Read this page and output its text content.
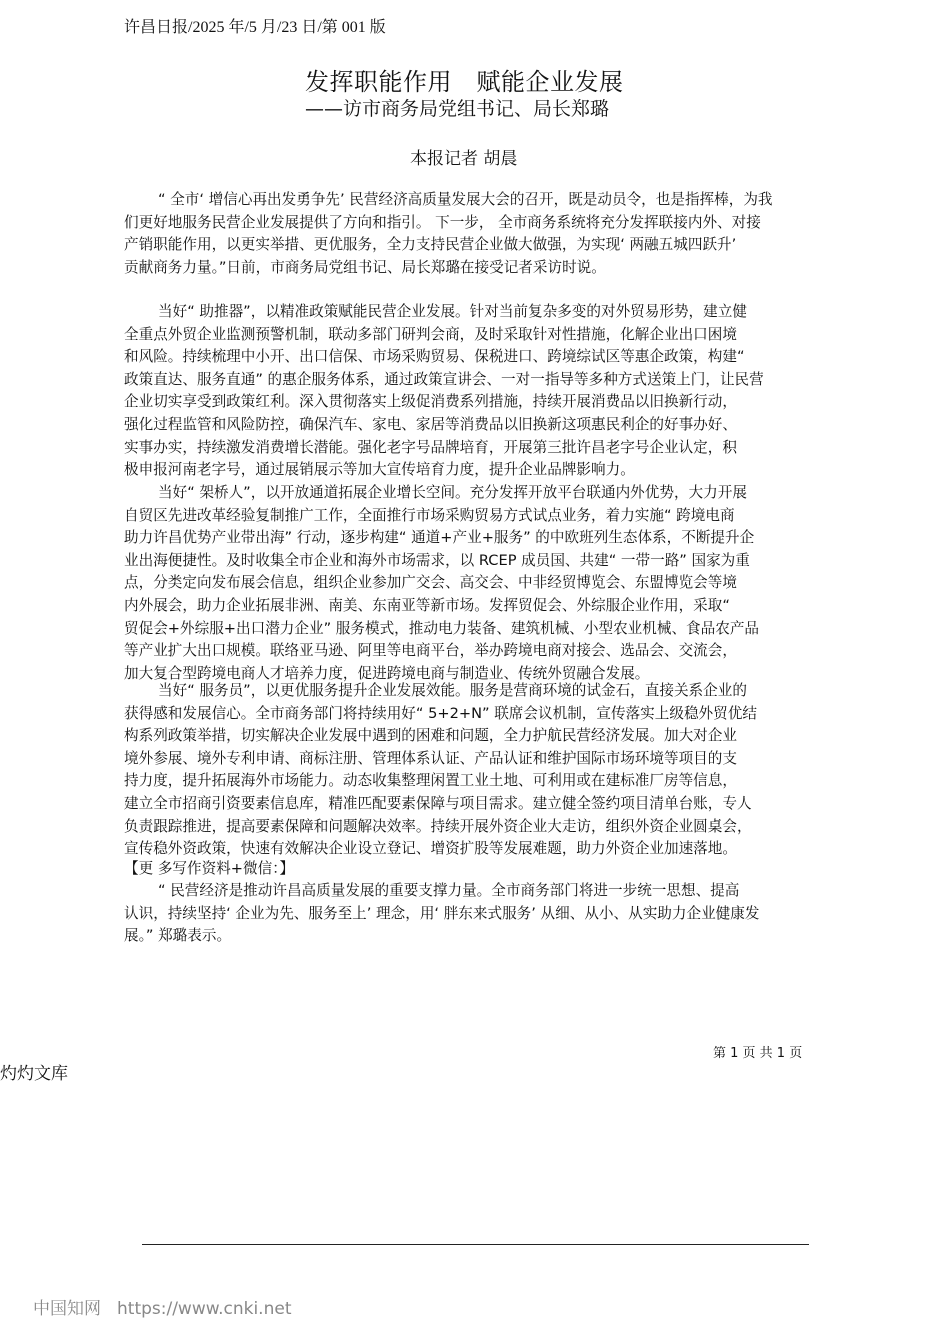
许昌日报/2025 年/5 月/23 日/第 001 版
发挥职能作用　赋能企业发展
——访市商务局党组书记、局长郑璐
本报记者 胡晨
“ 全市‘ 增信心再出发勇争先’ 民营经济高质量发展大会的召开，既是动员令，也是指挥棒，为我
们更好地服务民营企业发展提供了方向和指引。 下一步， 全市商务系统将充分发挥联接内外、对接
产销职能作用，以更实举措、更优服务，全力支持民营企业做大做强，为实现‘ 两融五城四跃升’
贡献商务力量。”日前，市商务局党组书记、局长郑璐在接受记者采访时说。
当好“ 助推器”，以精准政策赋能民营企业发展。针对当前复杂多变的对外贸易形势，建立健
全重点外贸企业监测预警机制，联动多部门研判会商，及时采取针对性措施，化解企业出口困境
和风险。持续梳理中小开、出口信保、市场采购贸易、保税进口、跨境综试区等惠企政策，构建“
政策直达、服务直通” 的惠企服务体系，通过政策宣讲会、一对一指导等多种方式送策上门，让民营
企业切实享受到政策红利。深入贯彻落实上级促消费系列措施，持续开展消费品以旧换新行动，
强化过程监管和风险防控，确保汽车、家电、家居等消费品以旧换新这项惠民利企的好事办好、
实事办实，持续激发消费增长潜能。强化老字号品牌培育，开展第三批许昌老字号企业认定，积
极申报河南老字号，通过展销展示等加大宣传培育力度，提升企业品牌影响力。
当好“ 架桥人”，以开放通道拓展企业增长空间。充分发挥开放平台联通内外优势，大力开展
自贸区先进改革经验复制推广工作，全面推行市场采购贸易方式试点业务，着力实施“ 跨境电商
助力许昌优势产业带出海” 行动，逐步构建“ 通道+产业+服务” 的中欧班列生态体系，不断提升企
业出海便捷性。及时收集全市企业和海外市场需求，以 RCEP 成员国、共建“ 一带一路” 国家为重
点，分类定向发布展会信息，组织企业参加广交会、高交会、中非经贸博览会、东盟博览会等境
内外展会，助力企业拓展非洲、南美、东南亚等新市场。发挥贸促会、外综服企业作用，采取“
贸促会+外综服+出口潜力企业” 服务模式，推动电力装备、建筑机械、小型农业机械、食品农产品
等产业扩大出口规模。联络亚马逊、阿里等电商平台，举办跨境电商对接会、选品会、交流会，
加大复合型跨境电商人才培养力度，促进跨境电商与制造业、传统外贸融合发展。
当好“ 服务员”，以更优服务提升企业发展效能。服务是营商环境的试金石，直接关系企业的
获得感和发展信心。全市商务部门将持续用好“ 5+2+N” 联席会议机制，宣传落实上级稳外贸优结
构系列政策举措，切实解决企业发展中遇到的困难和问题，全力护航民营经济发展。加大对企业
境外参展、境外专利申请、商标注册、管理体系认证、产品认证和维护国际市场环境等项目的支
持力度，提升拓展海外市场能力。动态收集整理闲置工业土地、可利用或在建标准厂房等信息，
建立全市招商引资要素信息库，精准匹配要素保障与项目需求。建立健全签约项目清单台账，专人
负责跟踪推进，提高要素保障和问题解决效率。持续开展外资企业大走访，组织外资企业圆桌会，
宣传稳外资政策，快速有效解决企业设立登记、增资扩股等发展难题，助力外资企业加速落地。
【更 多写作资料+微信：】
“ 民营经济是推动许昌高质量发展的重要支撑力量。全市商务部门将进一步统一思想、提高
认识，持续坚持‘ 企业为先、服务至上’ 理念，用‘ 胖东来式服务’ 从细、从小、从实助力企业健康发
展。” 郑璐表示。
第 1 页 共 1 页
灼灼文库
中国知网 https://www.cnki.net
